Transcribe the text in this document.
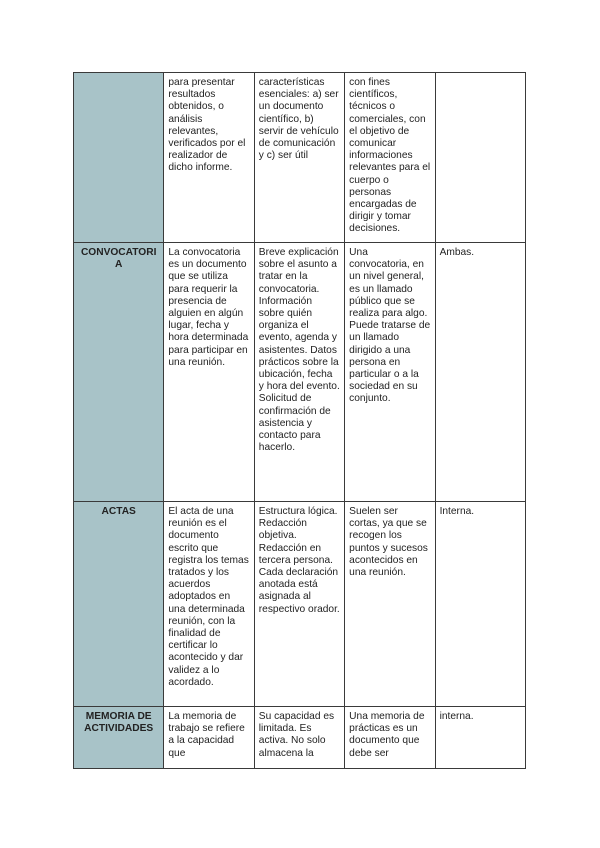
	para presentar resultados obtenidos, o análisis relevantes, verificados por el realizador de dicho informe.	características esenciales: a) ser un documento científico, b) servir de vehículo de comunicación y c) ser útil	con fines científicos, técnicos o comerciales, con el objetivo de comunicar informaciones relevantes para el cuerpo o personas encargadas de dirigir y tomar decisiones.	
CONVOCATORIA	La convocatoria es un documento que se utiliza para requerir la presencia de alguien en algún lugar, fecha y hora determinada para participar en una reunión.	Breve explicación sobre el asunto a tratar en la convocatoria. Información sobre quién organiza el evento, agenda y asistentes. Datos prácticos sobre la ubicación, fecha y hora del evento. Solicitud de confirmación de asistencia y contacto para hacerlo.	Una convocatoria, en un nivel general, es un llamado público que se realiza para algo. Puede tratarse de un llamado dirigido a una persona en particular o a la sociedad en su conjunto.	Ambas.
ACTAS	El acta de una reunión es el documento escrito que registra los temas tratados y los acuerdos adoptados en una determinada reunión, con la finalidad de certificar lo acontecido y dar validez a lo acordado.	Estructura lógica. Redacción objetiva. Redacción en tercera persona. Cada declaración anotada está asignada al respectivo orador.	Suelen ser cortas, ya que se recogen los puntos y sucesos acontecidos en una reunión.	Interna.
MEMORIA DE ACTIVIDADES	La memoria de trabajo se refiere a la capacidad que	Su capacidad es limitada. Es activa. No solo almacena la	Una memoria de prácticas es un documento que debe ser	interna.
